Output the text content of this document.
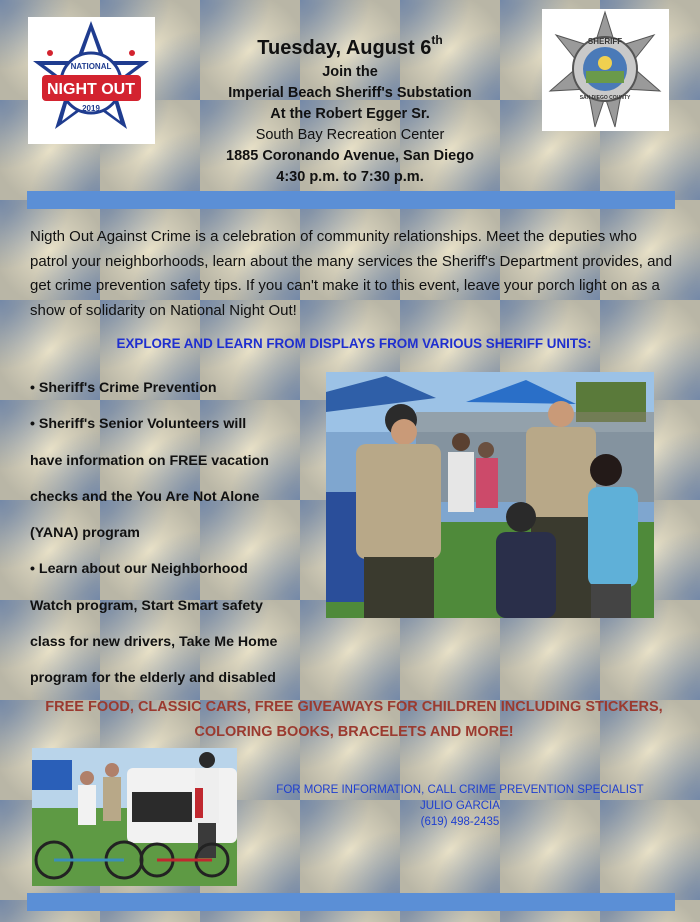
NATIONAL
NIGHT OUT
2019
SHERIFF
SAN DIEGO COUNTY
Tuesday, August 6th
Join the
Imperial Beach Sheriff's Substation
At the Robert Egger Sr.
South Bay Recreation Center
1885 Coronando Avenue, San Diego
4:30 p.m. to 7:30 p.m.
Nigth Out Against Crime is a celebration of community relationships. Meet the deputies who patrol your neighborhoods, learn about the many services the Sheriff's Department provides, and get crime prevention safety tips. If you can't make it to this event, leave your porch light on as a show of solidarity on National Night Out!
EXPLORE AND LEARN FROM DISPLAYS FROM VARIOUS SHERIFF UNITS:
• Sheriff's Crime Prevention
• Sheriff's Senior Volunteers will
have information on FREE vacation
checks and the You Are Not Alone
(YANA) program
• Learn about our Neighborhood
Watch program, Start Smart safety
class for new drivers, Take Me Home
program for the elderly and disabled
FREE FOOD, CLASSIC CARS, FREE GIVEAWAYS FOR CHILDREN INCLUDING STICKERS,
COLORING BOOKS, BRACELETS AND MORE!
FOR MORE INFORMATION, CALL CRIME PREVENTION SPECIALIST
JULIO GARCIA
(619) 498-2435
